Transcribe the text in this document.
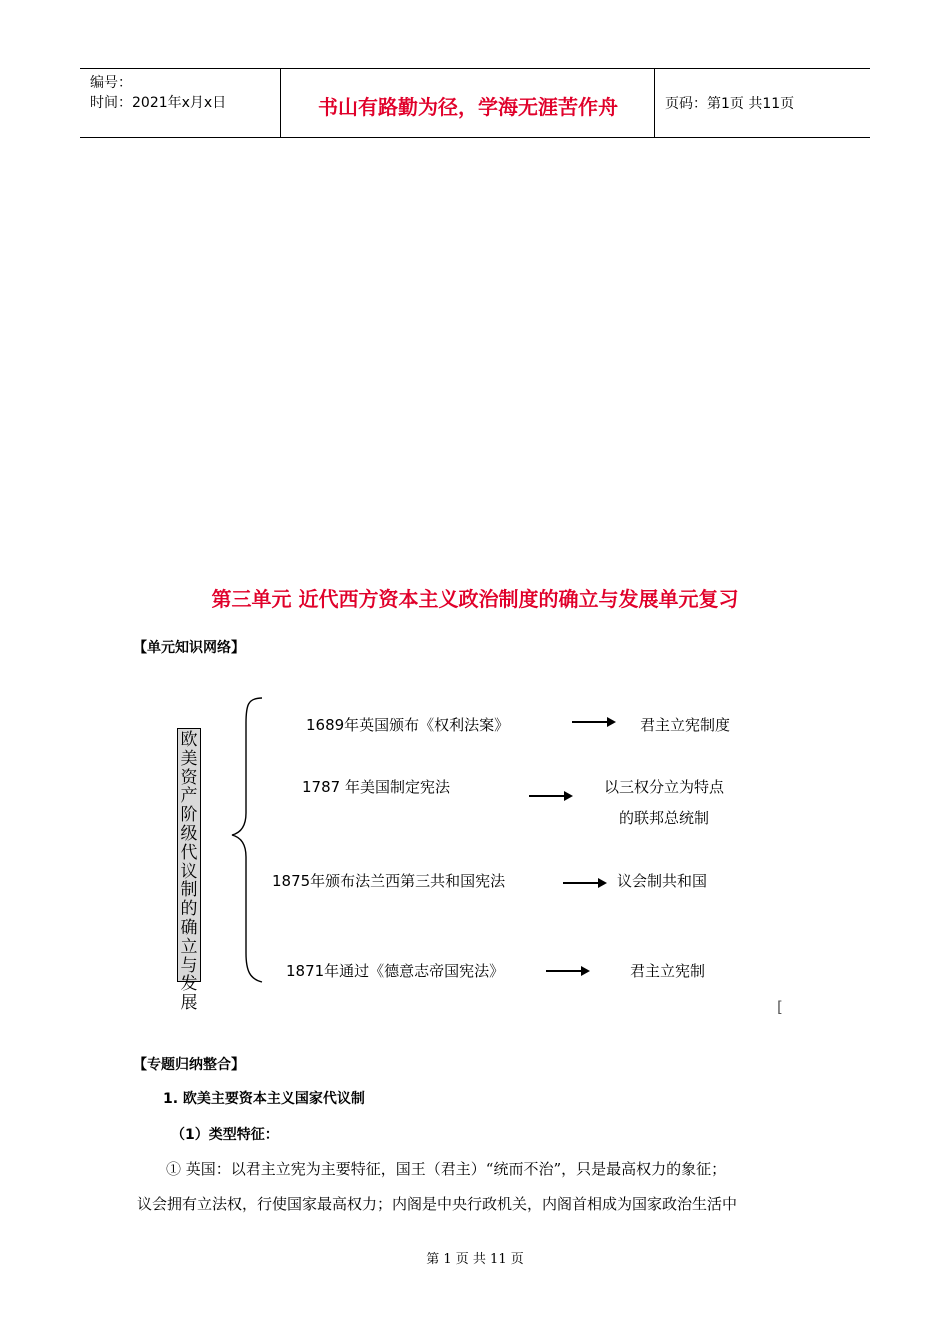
编号：
时间：2021年x月x日	书山有路勤为径，学海无涯苦作舟	页码：第1页 共11页
第三单元 近代西方资本主义政治制度的确立与发展单元复习
【单元知识网络】
欧美资产阶级代议制的确立与发展
1689年英国颁布《权利法案》	君主立宪制度
1787 年美国制定宪法	以三权分立为特点
的联邦总统制
1875年颁布法兰西第三共和国宪法	议会制共和国
1871年通过《德意志帝国宪法》	君主立宪制
[
【专题归纳整合】
1. 欧美主要资本主义国家代议制
（1）类型特征：
① 英国：以君主立宪为主要特征，国王（君主）“统而不治”，只是最高权力的象征；
议会拥有立法权，行使国家最高权力；内阁是中央行政机关，内阁首相成为国家政治生活中
第 1 页 共 11 页
